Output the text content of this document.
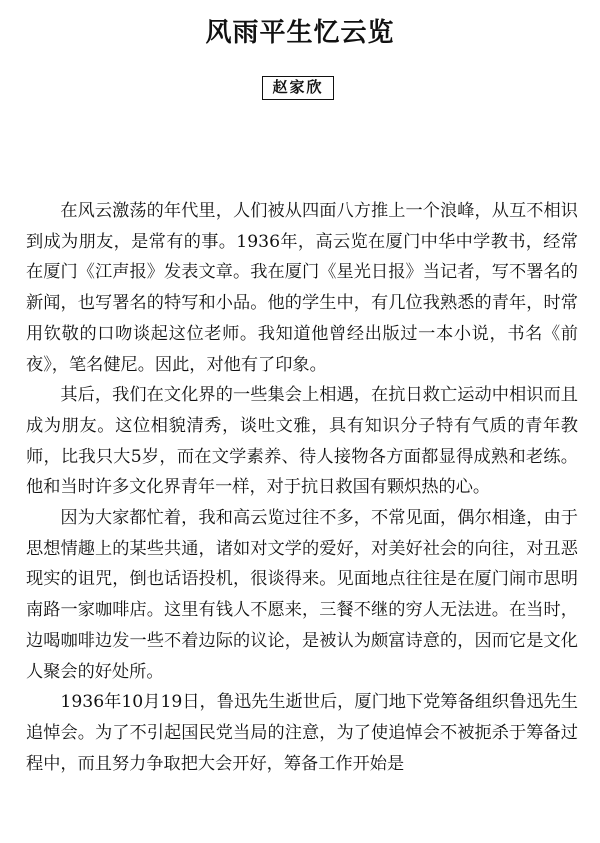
风雨平生忆云览
赵家欣

在风云激荡的年代里，人们被从四面八方推上一个浪峰，从互不相识到成为朋友，是常有的事。1936年，高云览在厦门中华中学教书，经常在厦门《江声报》发表文章。我在厦门《星光日报》当记者，写不署名的新闻，也写署名的特写和小品。他的学生中，有几位我熟悉的青年，时常用钦敬的口吻谈起这位老师。我知道他曾经出版过一本小说，书名《前夜》，笔名健尼。因此，对他有了印象。

其后，我们在文化界的一些集会上相遇，在抗日救亡运动中相识而且成为朋友。这位相貌清秀，谈吐文雅，具有知识分子特有气质的青年教师，比我只大5岁，而在文学素养、待人接物各方面都显得成熟和老练。他和当时许多文化界青年一样，对于抗日救国有颗炽热的心。

因为大家都忙着，我和高云览过往不多，不常见面，偶尔相逢，由于思想情趣上的某些共通，诸如对文学的爱好，对美好社会的向往，对丑恶现实的诅咒，倒也话语投机，很谈得来。见面地点往往是在厦门闹市思明南路一家咖啡店。这里有钱人不愿来，三餐不继的穷人无法进。在当时，边喝咖啡边发一些不着边际的议论，是被认为颇富诗意的，因而它是文化人聚会的好处所。

1936年10月19日，鲁迅先生逝世后，厦门地下党筹备组织鲁迅先生追悼会。为了不引起国民党当局的注意，为了使追悼会不被扼杀于筹备过程中，而且努力争取把大会开好，筹备工作开始是
